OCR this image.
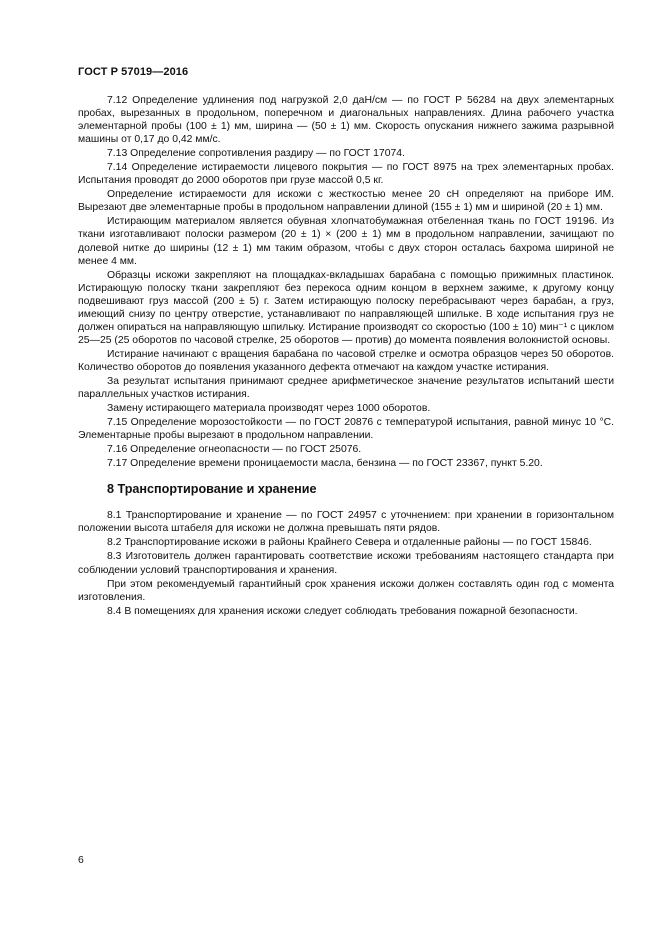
ГОСТ Р 57019—2016

7.12 Определение удлинения под нагрузкой 2,0 даН/см — по ГОСТ Р 56284 на двух элементарных пробах, вырезанных в продольном, поперечном и диагональных направлениях. Длина рабочего участка элементарной пробы (100 ± 1) мм, ширина — (50 ± 1) мм. Скорость опускания нижнего зажима разрывной машины от 0,17 до 0,42 мм/с.

7.13 Определение сопротивления раздиру — по ГОСТ 17074.

7.14 Определение истираемости лицевого покрытия — по ГОСТ 8975 на трех элементарных пробах. Испытания проводят до 2000 оборотов при грузе массой 0,5 кг.

Определение истираемости для искожи с жесткостью менее 20 сН определяют на приборе ИМ. Вырезают две элементарные пробы в продольном направлении длиной (155 ± 1) мм и шириной (20 ± 1) мм.

Истирающим материалом является обувная хлопчатобумажная отбеленная ткань по ГОСТ 19196. Из ткани изготавливают полоски размером (20 ± 1) × (200 ± 1) мм в продольном направлении, зачищают по долевой нитке до ширины (12 ± 1) мм таким образом, чтобы с двух сторон осталась бахрома шириной не менее 4 мм.

Образцы искожи закрепляют на площадках-вкладышах барабана с помощью прижимных пластинок. Истирающую полоску ткани закрепляют без перекоса одним концом в верхнем зажиме, к другому концу подвешивают груз массой (200 ± 5) г. Затем истирающую полоску перебрасывают через барабан, а груз, имеющий снизу по центру отверстие, устанавливают по направляющей шпильке. В ходе испытания груз не должен опираться на направляющую шпильку. Истирание производят со скоростью (100 ± 10) мин⁻¹ с циклом 25—25 (25 оборотов по часовой стрелке, 25 оборотов — против) до момента появления волокнистой основы.

Истирание начинают с вращения барабана по часовой стрелке и осмотра образцов через 50 оборотов. Количество оборотов до появления указанного дефекта отмечают на каждом участке истирания.

За результат испытания принимают среднее арифметическое значение результатов испытаний шести параллельных участков истирания.

Замену истирающего материала производят через 1000 оборотов.

7.15 Определение морозостойкости — по ГОСТ 20876 с температурой испытания, равной минус 10 °С. Элементарные пробы вырезают в продольном направлении.

7.16 Определение огнеопасности — по ГОСТ 25076.

7.17 Определение времени проницаемости масла, бензина — по ГОСТ 23367, пункт 5.20.

8 Транспортирование и хранение

8.1 Транспортирование и хранение — по ГОСТ 24957 с уточнением: при хранении в горизонтальном положении высота штабеля для искожи не должна превышать пяти рядов.

8.2 Транспортирование искожи в районы Крайнего Севера и отдаленные районы — по ГОСТ 15846.

8.3 Изготовитель должен гарантировать соответствие искожи требованиям настоящего стандарта при соблюдении условий транспортирования и хранения.

При этом рекомендуемый гарантийный срок хранения искожи должен составлять один год с момента изготовления.

8.4 В помещениях для хранения искожи следует соблюдать требования пожарной безопасности.

6
